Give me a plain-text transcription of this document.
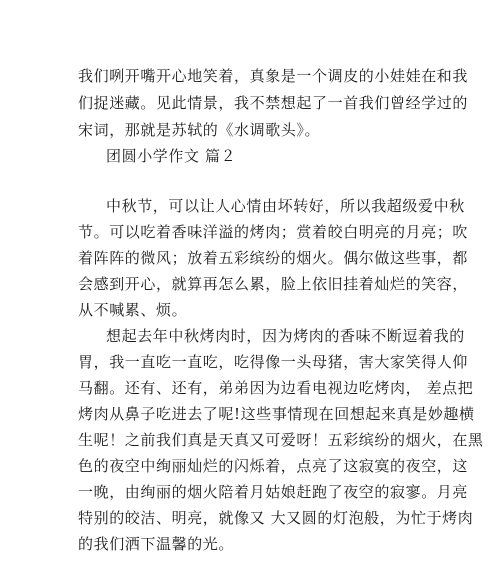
我们咧开嘴开心地笑着，真象是一个调皮的小娃娃在和我
们捉迷藏。见此情景，我不禁想起了一首我们曾经学过的
宋词，那就是苏轼的《水调歌头》。
团圆小学作文 篇２
中秋节，可以让人心情由坏转好，所以我超级爱中秋
节。可以吃着香味洋溢的烤肉；赏着皎白明亮的月亮；吹
着阵阵的微风；放着五彩缤纷的烟火。偶尔做这些事，都
会感到开心，就算再怎么累，脸上依旧挂着灿烂的笑容，
从不喊累、烦。
想起去年中秋烤肉时，因为烤肉的香味不断逗着我的
胃，我一直吃一直吃，吃得像一头母猪，害大家笑得人仰
马翻。还有、还有，弟弟因为边看电视边吃烤肉， 差点把
烤肉从鼻子吃进去了呢!这些事情现在回想起来真是妙趣横
生呢！之前我们真是天真又可爱呀！五彩缤纷的烟火，在黑
色的夜空中绚丽灿烂的闪烁着，点亮了这寂寞的夜空，这
一晚，由绚丽的烟火陪着月姑娘赶跑了夜空的寂寥。月亮
特别的皎洁、明亮，就像又 大又圆的灯泡般，为忙于烤肉
的我们洒下温馨的光。
